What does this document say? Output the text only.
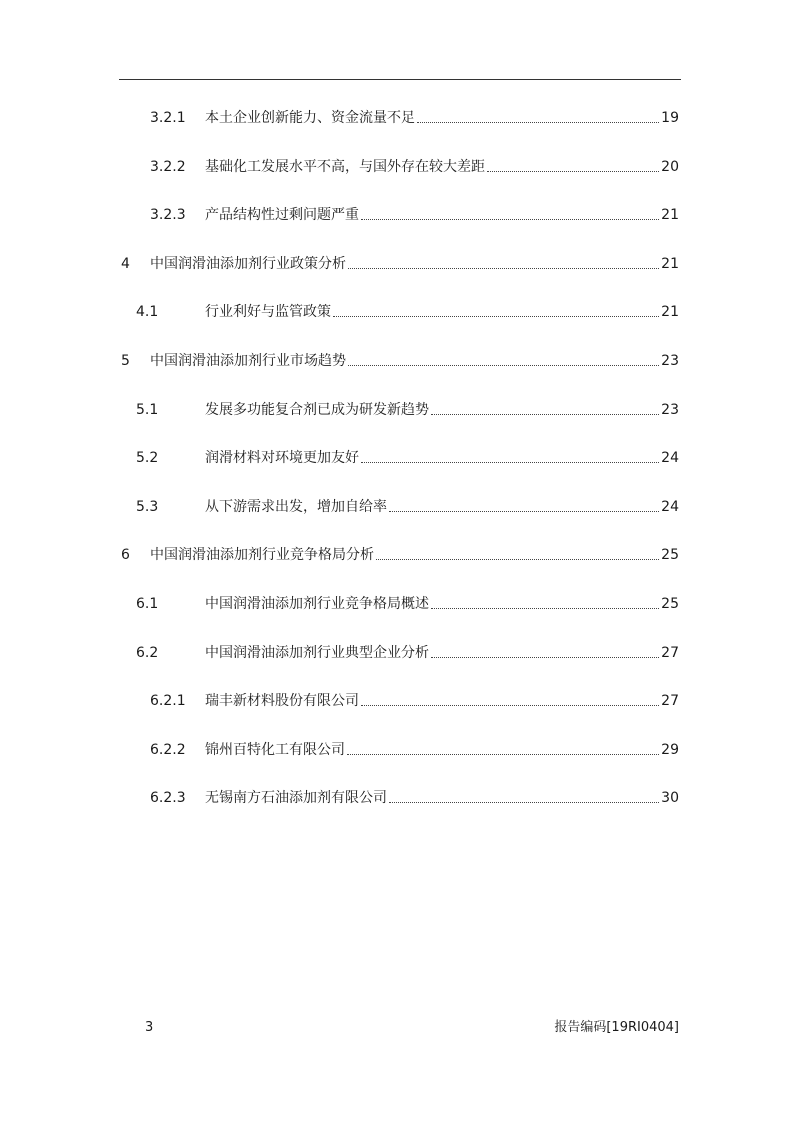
3.2.1 本土企业创新能力、资金流量不足	19
3.2.2 基础化工发展水平不高，与国外存在较大差距	20
3.2.3 产品结构性过剩问题严重	21
4 中国润滑油添加剂行业政策分析	21
4.1	行业利好与监管政策	21
5 中国润滑油添加剂行业市场趋势	23
5.1	发展多功能复合剂已成为研发新趋势	23
5.2	润滑材料对环境更加友好	24
5.3	从下游需求出发，增加自给率	24
6 中国润滑油添加剂行业竞争格局分析	25
6.1	中国润滑油添加剂行业竞争格局概述	25
6.2	中国润滑油添加剂行业典型企业分析	27
6.2.1 瑞丰新材料股份有限公司	27
6.2.2 锦州百特化工有限公司	29
6.2.3 无锡南方石油添加剂有限公司	30
3	报告编码[19RI0404]
